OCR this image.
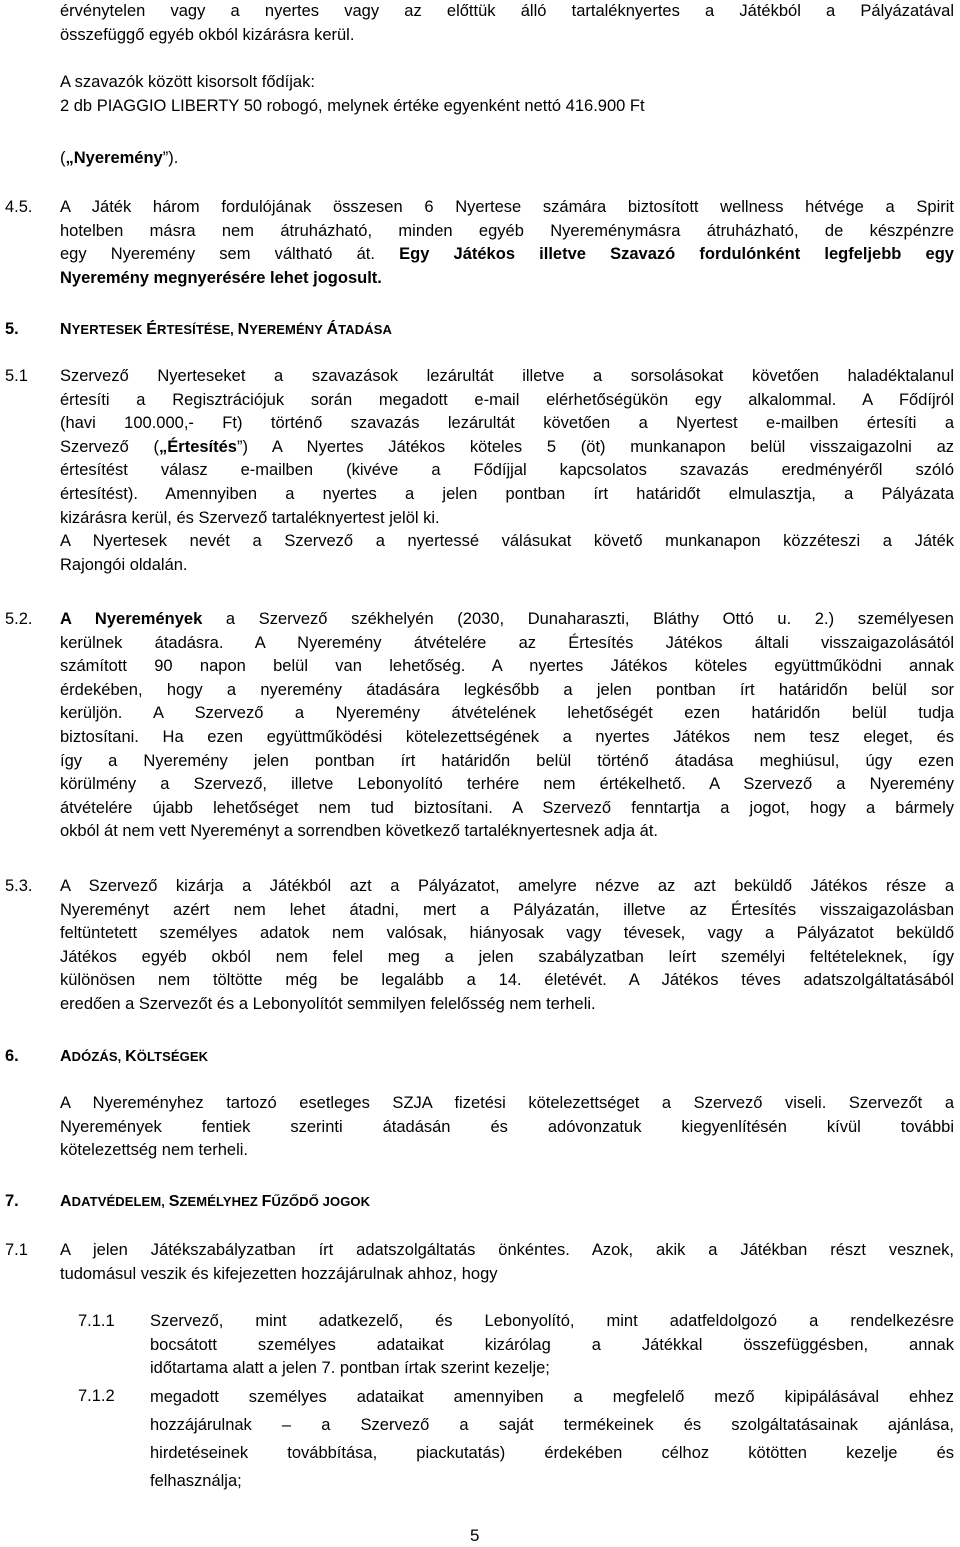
érvénytelen vagy a nyertes vagy az előttük álló tartaléknyertes a Játékból a Pályázatával
összefüggő egyéb okból kizárásra kerül.
A szavazók között kisorsolt fődíjak:
2 db PIAGGIO LIBERTY 50 robogó, melynek értéke egyenként nettó 416.900 Ft
(„Nyeremény”).
4.5. A Játék három fordulójának összesen 6 Nyertese számára biztosított wellness hétvége a Spirit
hotelben másra nem átruházható, minden egyéb Nyereménymásra átruházható, de készpénzre
egy Nyeremény sem váltható át. Egy Játékos illetve Szavazó fordulónként legfeljebb egy
Nyeremény megnyerésére lehet jogosult.
5.	NYERTESEK ÉRTESÍTÉSE, NYEREMÉNY ÁTADÁSA
5.1 Szervező Nyerteseket a szavazások lezárultát illetve a sorsolásokat követően haladéktalanul
értesíti a Regisztrációjuk során megadott e-mail elérhetőségükön egy alkalommal. A Fődíjról
(havi 100.000,- Ft) történő szavazás lezárultát követően a Nyertest e-mailben értesíti a
Szervező („Értesítés”) A Nyertes Játékos köteles 5 (öt) munkanapon belül visszaigazolni az
értesítést válasz e-mailben (kivéve a Fődíjjal kapcsolatos szavazás eredményéről szóló
értesítést). Amennyiben a nyertes a jelen pontban írt határidőt elmulasztja, a Pályázata
kizárásra kerül, és Szervező tartaléknyertest jelöl ki.
A Nyertesek nevét a Szervező a nyertessé válásukat követő munkanapon közzéteszi a Játék
Rajongói oldalán.
5.2. A Nyeremények a Szervező székhelyén (2030, Dunaharaszti, Bláthy Ottó u. 2.) személyesen
kerülnek átadásra. A Nyeremény átvételére az Értesítés Játékos általi visszaigazolásától
számított 90 napon belül van lehetőség. A nyertes Játékos köteles együttműködni annak
érdekében, hogy a nyeremény átadására legkésőbb a jelen pontban írt határidőn belül sor
kerüljön. A Szervező a Nyeremény átvételének lehetőségét ezen határidőn belül tudja
biztosítani. Ha ezen együttműködési kötelezettségének a nyertes Játékos nem tesz eleget, és
így a Nyeremény jelen pontban írt határidőn belül történő átadása meghiúsul, úgy ezen
körülmény a Szervező, illetve Lebonyolító terhére nem értékelhető. A Szervező a Nyeremény
átvételére újabb lehetőséget nem tud biztosítani. A Szervező fenntartja a jogot, hogy a bármely
okból át nem vett Nyereményt a sorrendben következő tartaléknyertesnek adja át.
5.3. A Szervező kizárja a Játékból azt a Pályázatot, amelyre nézve az azt beküldő Játékos része a
Nyereményt azért nem lehet átadni, mert a Pályázatán, illetve az Értesítés visszaigazolásban
feltüntetett személyes adatok nem valósak, hiányosak vagy tévesek, vagy a Pályázatot beküldő
Játékos egyéb okból nem felel meg a jelen szabályzatban leírt személyi feltételeknek, így
különösen nem töltötte még be legalább a 14. életévét. A Játékos téves adatszolgáltatásából
eredően a Szervezőt és a Lebonyolítót semmilyen felelősség nem terheli.
6.	ADÓZÁS, KÖLTSÉGEK
A Nyereményhez tartozó esetleges SZJA fizetési kötelezettséget a Szervező viseli. Szervezőt a
Nyeremények fentiek szerinti átadásán és adóvonzatuk kiegyenlítésén kívül további
kötelezettség nem terheli.
7.	ADATVÉDELEM, SZEMÉLYHEZ FŰZŐDŐ JOGOK
7.1 A jelen Játékszabályzatban írt adatszolgáltatás önkéntes. Azok, akik a Játékban részt vesznek,
tudomásul veszik és kifejezetten hozzájárulnak ahhoz, hogy
7.1.1 Szervező, mint adatkezelő, és Lebonyolító, mint adatfeldolgozó a rendelkezésre
bocsátott személyes adataikat kizárólag a Játékkal összefüggésben, annak
időtartama alatt a jelen 7. pontban írtak szerint kezelje;
7.1.2 megadott személyes adataikat amennyiben a megfelelő mező kipipálásával ehhez
hozzájárulnak – a Szervező a saját termékeinek és szolgáltatásainak ajánlása,
hirdetéseinek továbbítása, piackutatás) érdekében célhoz kötötten kezelje és
felhasználja;
5
